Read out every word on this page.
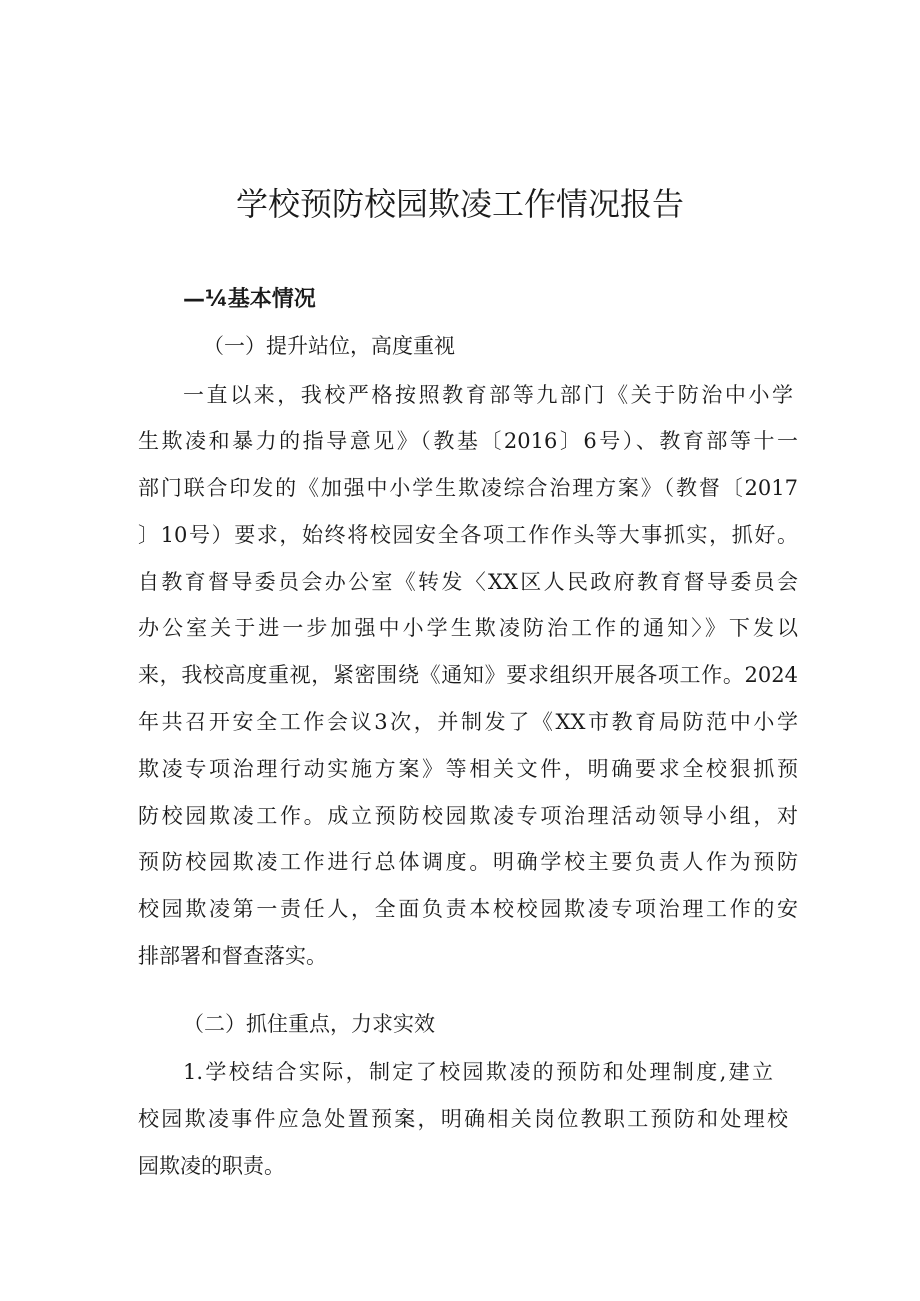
学校预防校园欺凌工作情况报告
—¼基本情况

（一）提升站位，高度重视

一直以来，我校严格按照教育部等九部门《关于防治中小学

生欺凌和暴力的指导意见》（教基〔2016〕6号）、教育部等十一

部门联合印发的《加强中小学生欺凌综合治理方案》（教督〔2017

〕10号）要求，始终将校园安全各项工作作头等大事抓实，抓好。

自教育督导委员会办公室《转发〈XX区人民政府教育督导委员会

办公室关于进一步加强中小学生欺凌防治工作的通知〉》下发以

来，我校高度重视，紧密围绕《通知》要求组织开展各项工作。2024

年共召开安全工作会议3次，并制发了《XX市教育局防范中小学

欺凌专项治理行动实施方案》等相关文件，明确要求全校狠抓预

防校园欺凌工作。成立预防校园欺凌专项治理活动领导小组，对

预防校园欺凌工作进行总体调度。明确学校主要负责人作为预防

校园欺凌第一责任人，全面负责本校校园欺凌专项治理工作的安

排部署和督查落实。

（二）抓住重点，力求实效

1.学校结合实际，制定了校园欺凌的预防和处理制度,建立

校园欺凌事件应急处置预案，明确相关岗位教职工预防和处理校

园欺凌的职责。
